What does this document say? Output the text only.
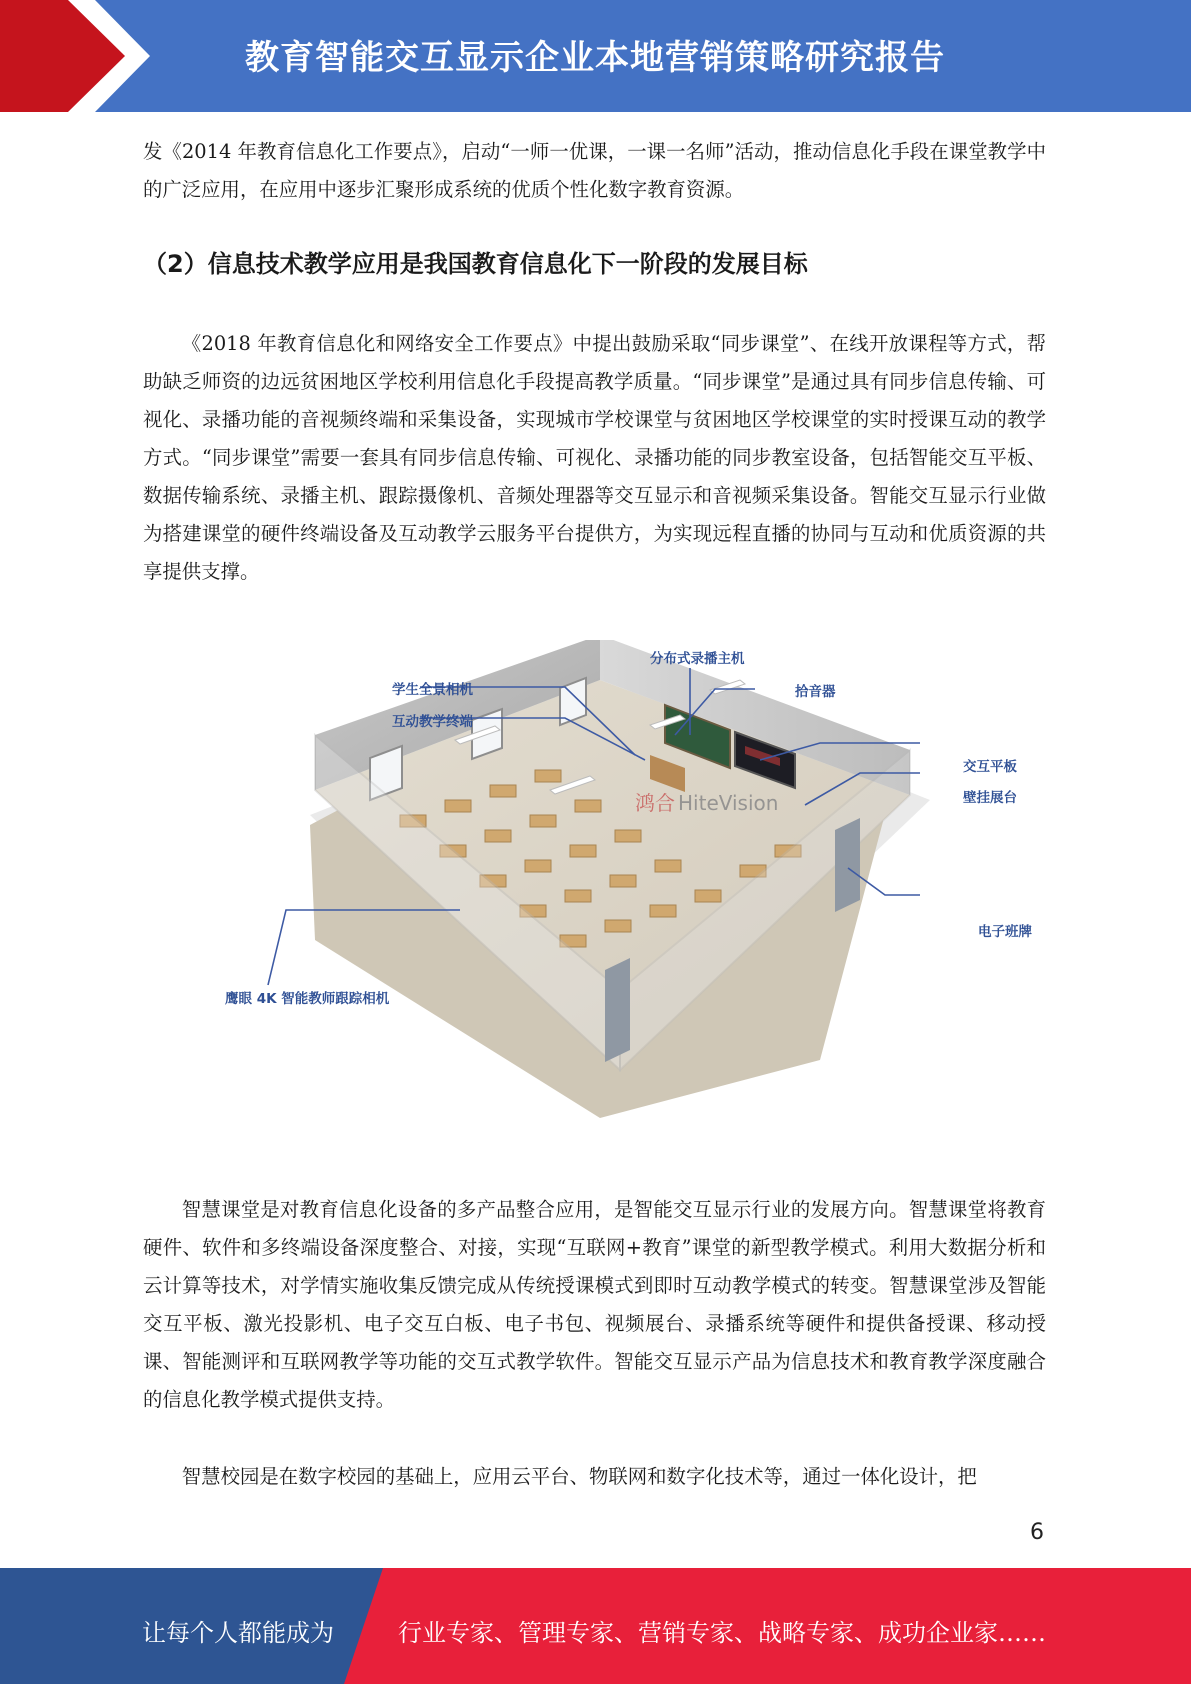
教育智能交互显示企业本地营销策略研究报告

发《2014 年教育信息化工作要点》，启动“一师一优课，一课一名师”活动，推动信息化手段在课堂教学中的广泛应用，在应用中逐步汇聚形成系统的优质个性化数字教育资源。

（2）信息技术教学应用是我国教育信息化下一阶段的发展目标

《2018 年教育信息化和网络安全工作要点》中提出鼓励采取“同步课堂”、在线开放课程等方式，帮助缺乏师资的边远贫困地区学校利用信息化手段提高教学质量。“同步课堂”是通过具有同步信息传输、可视化、录播功能的音视频终端和采集设备，实现城市学校课堂与贫困地区学校课堂的实时授课互动的教学方式。“同步课堂”需要一套具有同步信息传输、可视化、录播功能的同步教室设备，包括智能交互平板、数据传输系统、录播主机、跟踪摄像机、音频处理器等交互显示和音视频采集设备。智能交互显示行业做为搭建课堂的硬件终端设备及互动教学云服务平台提供方，为实现远程直播的协同与互动和优质资源的共享提供支撑。

鸿合 HiteVision
分布式录播主机
学生全景相机	拾音器
互动教学终端
交互平板
壁挂展台
电子班牌
鹰眼 4K 智能教师跟踪相机

智慧课堂是对教育信息化设备的多产品整合应用，是智能交互显示行业的发展方向。智慧课堂将教育硬件、软件和多终端设备深度整合、对接，实现“互联网+教育”课堂的新型教学模式。利用大数据分析和云计算等技术，对学情实施收集反馈完成从传统授课模式到即时互动教学模式的转变。智慧课堂涉及智能交互平板、激光投影机、电子交互白板、电子书包、视频展台、录播系统等硬件和提供备授课、移动授课、智能测评和互联网教学等功能的交互式教学软件。智能交互显示产品为信息技术和教育教学深度融合的信息化教学模式提供支持。

智慧校园是在数字校园的基础上，应用云平台、物联网和数字化技术等，通过一体化设计，把

6
让每个人都能成为	行业专家、管理专家、营销专家、战略专家、成功企业家……
